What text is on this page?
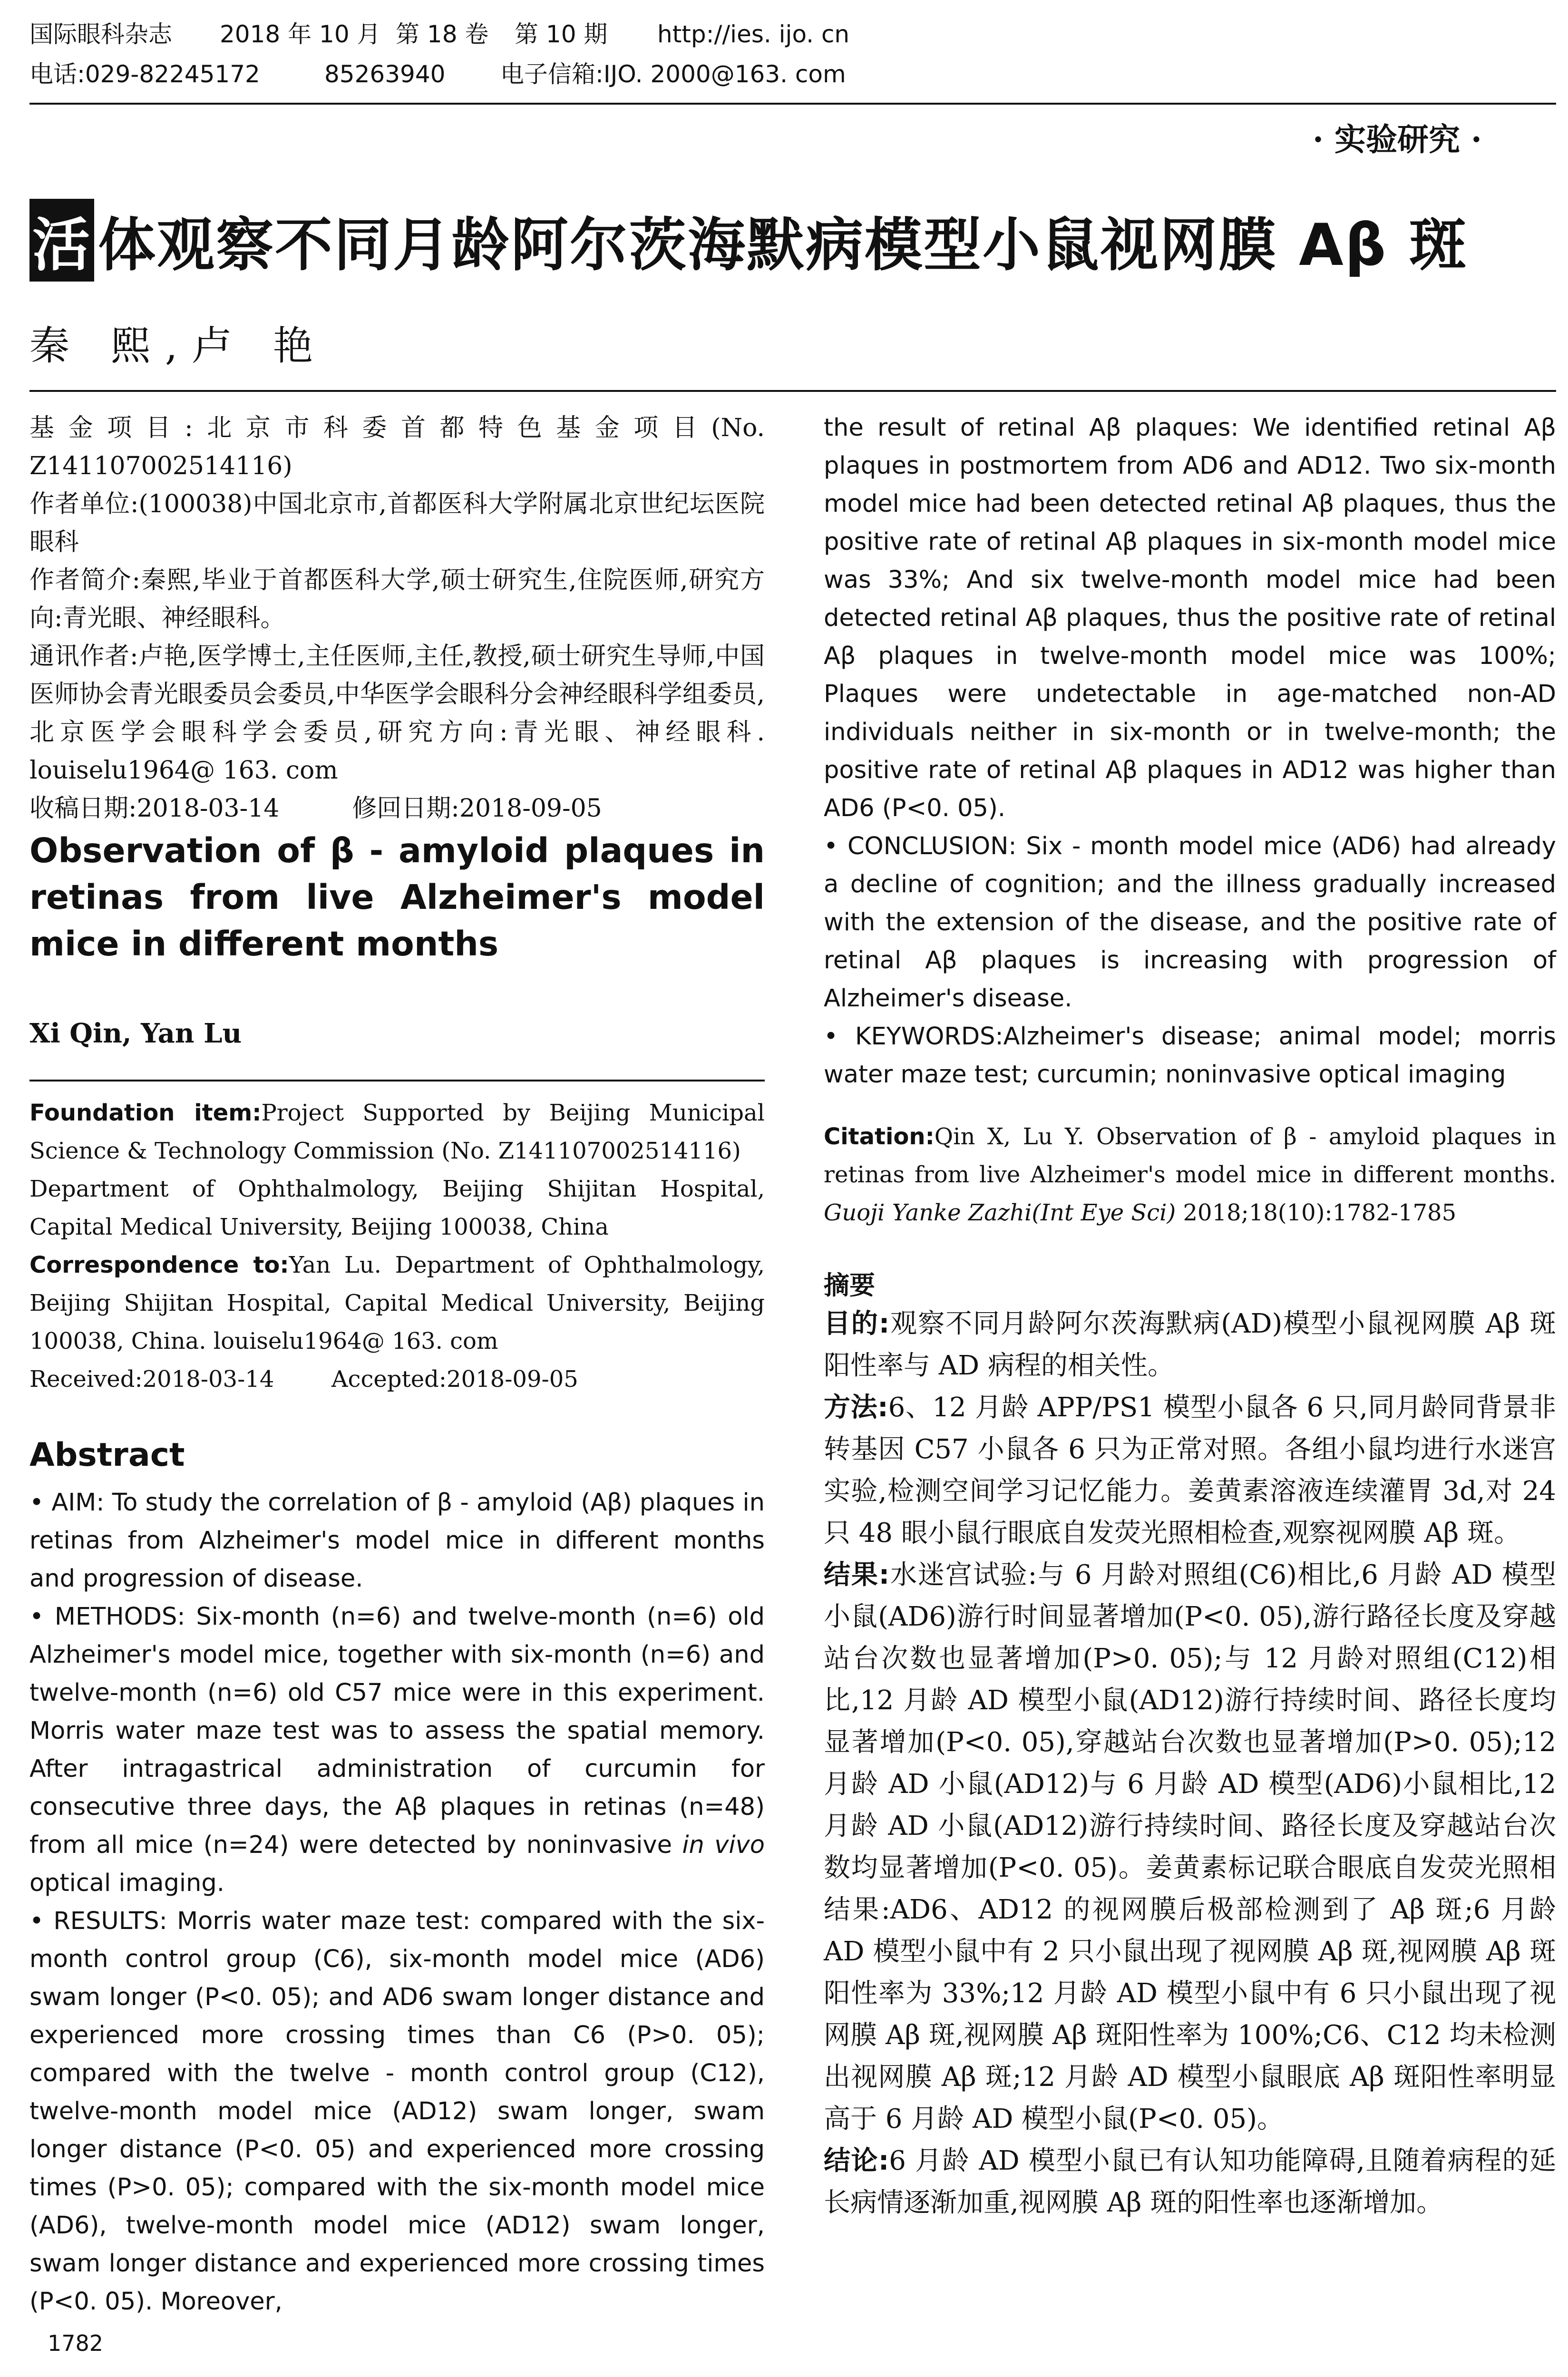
国际眼科杂志	2018 年 10 月 第 18 卷	第 10 期	http://ies. ijo. cn
电话:029-82245172	85263940	电子信箱:IJO. 2000@163. com
· 实验研究 ·
活 体观察不同月龄阿尔茨海默病模型小鼠视网膜 Aβ 斑
秦 熙,卢 艳

基金项目:北京市科委首都特色基金项目(No. Z141107002514116)

作者单位:(100038)中国北京市,首都医科大学附属北京世纪坛医院眼科

作者简介:秦熙,毕业于首都医科大学,硕士研究生,住院医师,研究方向:青光眼、神经眼科。

通讯作者:卢艳,医学博士,主任医师,主任,教授,硕士研究生导师,中国医师协会青光眼委员会委员,中华医学会眼科分会神经眼科学组委员,北京医学会眼科学会委员,研究方向:青光眼、神经眼科. louiselu1964@ 163. com

收稿日期:2018-03-14	修回日期:2018-09-05

Observation of β - amyloid plaques in retinas from live Alzheimer's model mice in different months
Xi Qin, Yan Lu

Foundation item:Project Supported by Beijing Municipal Science & Technology Commission (No. Z141107002514116)

Department of Ophthalmology, Beijing Shijitan Hospital, Capital Medical University, Beijing 100038, China

Correspondence to:Yan Lu. Department of Ophthalmology, Beijing Shijitan Hospital, Capital Medical University, Beijing 100038, China. louiselu1964@ 163. com

Received:2018-03-14	Accepted:2018-09-05

Abstract

• AIM: To study the correlation of β - amyloid (Aβ) plaques in retinas from Alzheimer's model mice in different months and progression of disease.

• METHODS: Six-month (n=6) and twelve-month (n=6) old Alzheimer's model mice, together with six-month (n=6) and twelve-month (n=6) old C57 mice were in this experiment. Morris water maze test was to assess the spatial memory. After intragastrical administration of curcumin for consecutive three days, the Aβ plaques in retinas (n=48) from all mice (n=24) were detected by noninvasive in vivo optical imaging.

• RESULTS: Morris water maze test: compared with the six-month control group (C6), six-month model mice (AD6) swam longer (P<0. 05); and AD6 swam longer distance and experienced more crossing times than C6 (P>0. 05); compared with the twelve - month control group (C12), twelve-month model mice (AD12) swam longer, swam longer distance (P<0. 05) and experienced more crossing times (P>0. 05); compared with the six-month model mice (AD6), twelve-month model mice (AD12) swam longer, swam longer distance and experienced more crossing times (P<0. 05). Moreover,

the result of retinal Aβ plaques: We identified retinal Aβ plaques in postmortem from AD6 and AD12. Two six-month model mice had been detected retinal Aβ plaques, thus the positive rate of retinal Aβ plaques in six-month model mice was 33%; And six twelve-month model mice had been detected retinal Aβ plaques, thus the positive rate of retinal Aβ plaques in twelve-month model mice was 100%; Plaques were undetectable in age-matched non-AD individuals neither in six-month or in twelve-month; the positive rate of retinal Aβ plaques in AD12 was higher than AD6 (P<0. 05).

• CONCLUSION: Six - month model mice (AD6) had already a decline of cognition; and the illness gradually increased with the extension of the disease, and the positive rate of retinal Aβ plaques is increasing with progression of Alzheimer's disease.

• KEYWORDS:Alzheimer's disease; animal model; morris water maze test; curcumin; noninvasive optical imaging

Citation:Qin X, Lu Y. Observation of β - amyloid plaques in retinas from live Alzheimer's model mice in different months. Guoji Yanke Zazhi(Int Eye Sci) 2018;18(10):1782-1785
摘要

目的:观察不同月龄阿尔茨海默病(AD)模型小鼠视网膜 Aβ 斑阳性率与 AD 病程的相关性。

方法:6、12 月龄 APP/PS1 模型小鼠各 6 只,同月龄同背景非转基因 C57 小鼠各 6 只为正常对照。各组小鼠均进行水迷宫实验,检测空间学习记忆能力。姜黄素溶液连续灌胃 3d,对 24 只 48 眼小鼠行眼底自发荧光照相检查,观察视网膜 Aβ 斑。

结果:水迷宫试验:与 6 月龄对照组(C6)相比,6 月龄 AD 模型小鼠(AD6)游行时间显著增加(P<0. 05),游行路径长度及穿越站台次数也显著增加(P>0. 05);与 12 月龄对照组(C12)相比,12 月龄 AD 模型小鼠(AD12)游行持续时间、路径长度均显著增加(P<0. 05),穿越站台次数也显著增加(P>0. 05);12 月龄 AD 小鼠(AD12)与 6 月龄 AD 模型(AD6)小鼠相比,12 月龄 AD 小鼠(AD12)游行持续时间、路径长度及穿越站台次数均显著增加(P<0. 05)。姜黄素标记联合眼底自发荧光照相结果:AD6、AD12 的视网膜后极部检测到了 Aβ 斑;6 月龄 AD 模型小鼠中有 2 只小鼠出现了视网膜 Aβ 斑,视网膜 Aβ 斑阳性率为 33%;12 月龄 AD 模型小鼠中有 6 只小鼠出现了视网膜 Aβ 斑,视网膜 Aβ 斑阳性率为 100%;C6、C12 均未检测出视网膜 Aβ 斑;12 月龄 AD 模型小鼠眼底 Aβ 斑阳性率明显高于 6 月龄 AD 模型小鼠(P<0. 05)。

结论:6 月龄 AD 模型小鼠已有认知功能障碍,且随着病程的延长病情逐渐加重,视网膜 Aβ 斑的阳性率也逐渐增加。

1782
